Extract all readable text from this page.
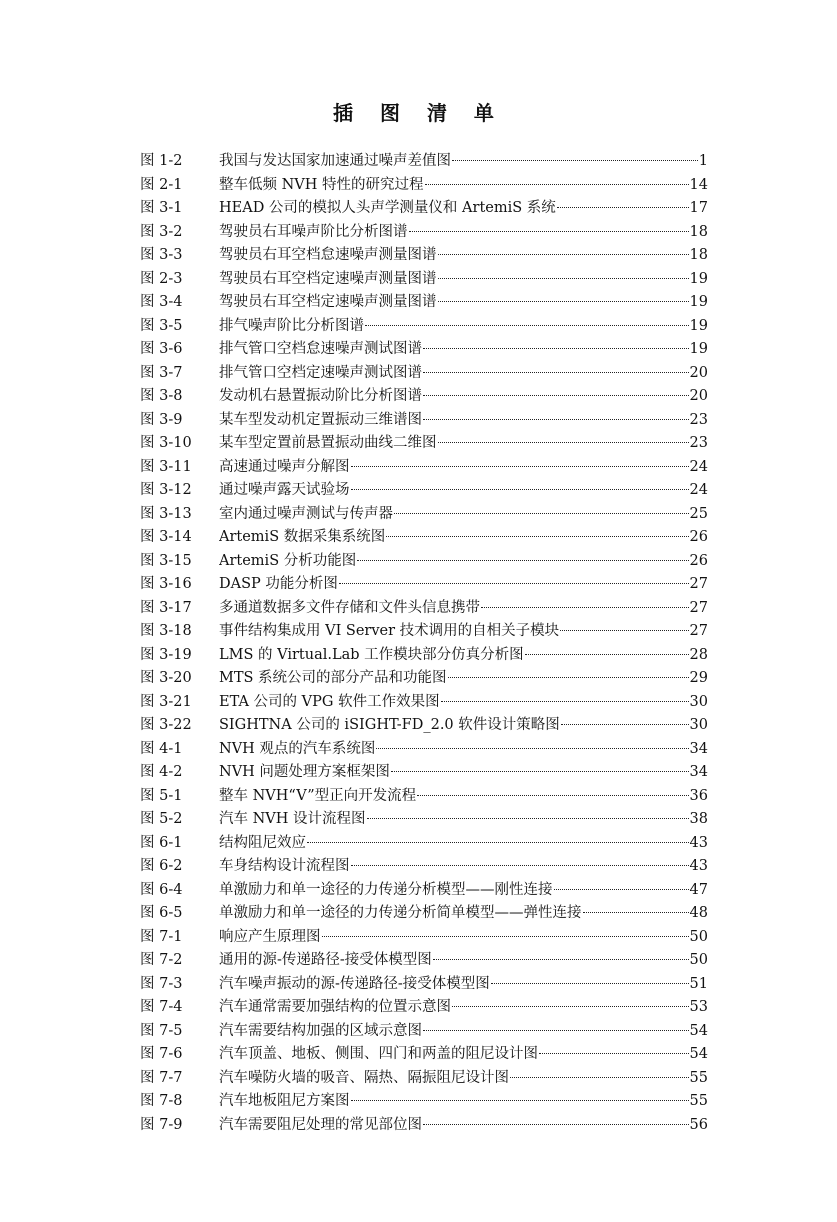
插 图 清 单
图 1-2	我国与发达国家加速通过噪声差值图	1
图 2-1	整车低频 NVH 特性的研究过程	14
图 3-1	HEAD 公司的模拟人头声学测量仪和 ArtemiS 系统	17
图 3-2	驾驶员右耳噪声阶比分析图谱	18
图 3-3	驾驶员右耳空档怠速噪声测量图谱	18
图 2-3	驾驶员右耳空档定速噪声测量图谱	19
图 3-4	驾驶员右耳空档定速噪声测量图谱	19
图 3-5	排气噪声阶比分析图谱	19
图 3-6	排气管口空档怠速噪声测试图谱	19
图 3-7	排气管口空档定速噪声测试图谱	20
图 3-8	发动机右悬置振动阶比分析图谱	20
图 3-9	某车型发动机定置振动三维谱图	23
图 3-10	某车型定置前悬置振动曲线二维图	23
图 3-11	高速通过噪声分解图	24
图 3-12	通过噪声露天试验场	24
图 3-13	室内通过噪声测试与传声器	25
图 3-14	ArtemiS 数据采集系统图	26
图 3-15	ArtemiS 分析功能图	26
图 3-16	DASP 功能分析图	27
图 3-17	多通道数据多文件存储和文件头信息携带	27
图 3-18	事件结构集成用 VI Server 技术调用的自相关子模块	27
图 3-19	LMS 的 Virtual.Lab 工作模块部分仿真分析图	28
图 3-20	MTS 系统公司的部分产品和功能图	29
图 3-21	ETA 公司的 VPG 软件工作效果图	30
图 3-22	SIGHTNA 公司的 iSIGHT-FD_2.0 软件设计策略图	30
图 4-1	NVH 观点的汽车系统图	34
图 4-2	NVH 问题处理方案框架图	34
图 5-1	整车 NVH“V”型正向开发流程	36
图 5-2	汽车 NVH 设计流程图	38
图 6-1	结构阻尼效应	43
图 6-2	车身结构设计流程图	43
图 6-4	单激励力和单一途径的力传递分析模型——刚性连接	47
图 6-5	单激励力和单一途径的力传递分析简单模型——弹性连接	48
图 7-1	响应产生原理图	50
图 7-2	通用的源-传递路径-接受体模型图	50
图 7-3	汽车噪声振动的源-传递路径-接受体模型图	51
图 7-4	汽车通常需要加强结构的位置示意图	53
图 7-5	汽车需要结构加强的区域示意图	54
图 7-6	汽车顶盖、地板、侧围、四门和两盖的阻尼设计图	54
图 7-7	汽车噪防火墙的吸音、隔热、隔振阻尼设计图	55
图 7-8	汽车地板阻尼方案图	55
图 7-9	汽车需要阻尼处理的常见部位图	56
